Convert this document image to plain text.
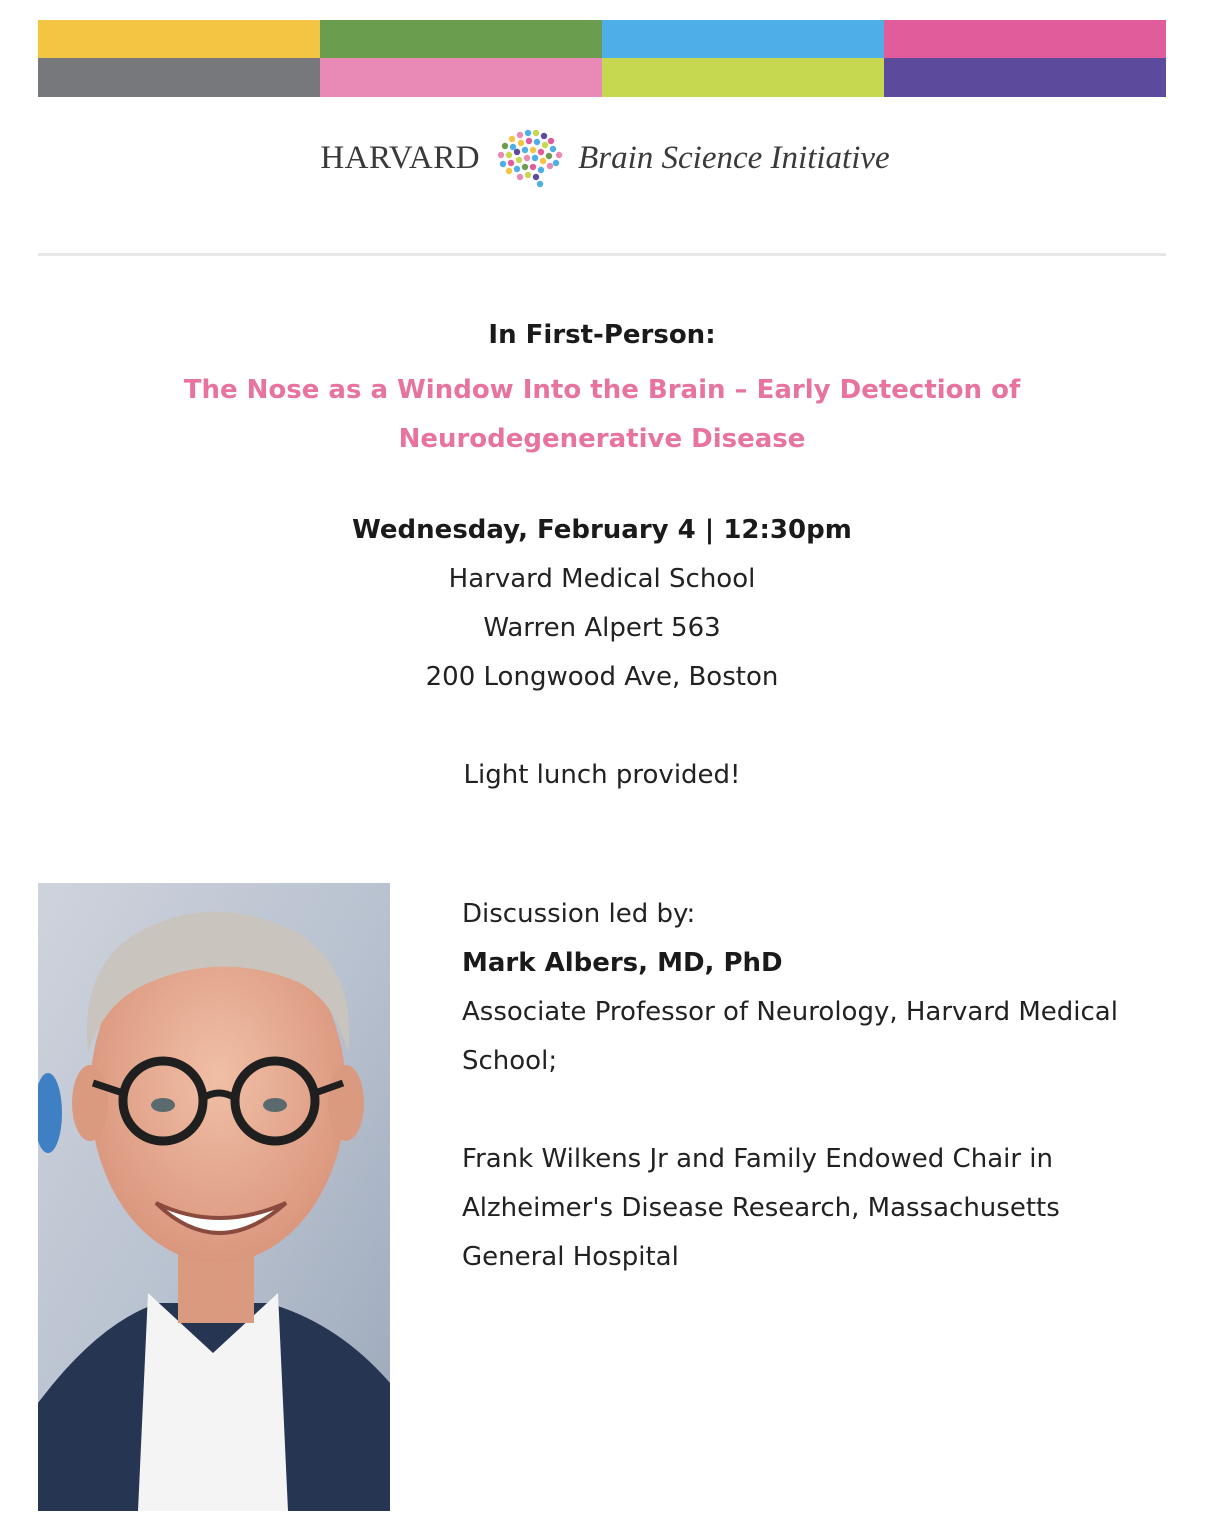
HARVARD	Brain Science Initiative
In First-Person:
The Nose as a Window Into the Brain – Early Detection of Neurodegenerative Disease
Wednesday, February 4 | 12:30pm
Harvard Medical School
Warren Alpert 563
200 Longwood Ave, Boston
Light lunch provided!
Discussion led by:
Mark Albers, MD, PhD
Associate Professor of Neurology, Harvard Medical School;
Frank Wilkens Jr and Family Endowed Chair in Alzheimer's Disease Research, Massachusetts General Hospital
